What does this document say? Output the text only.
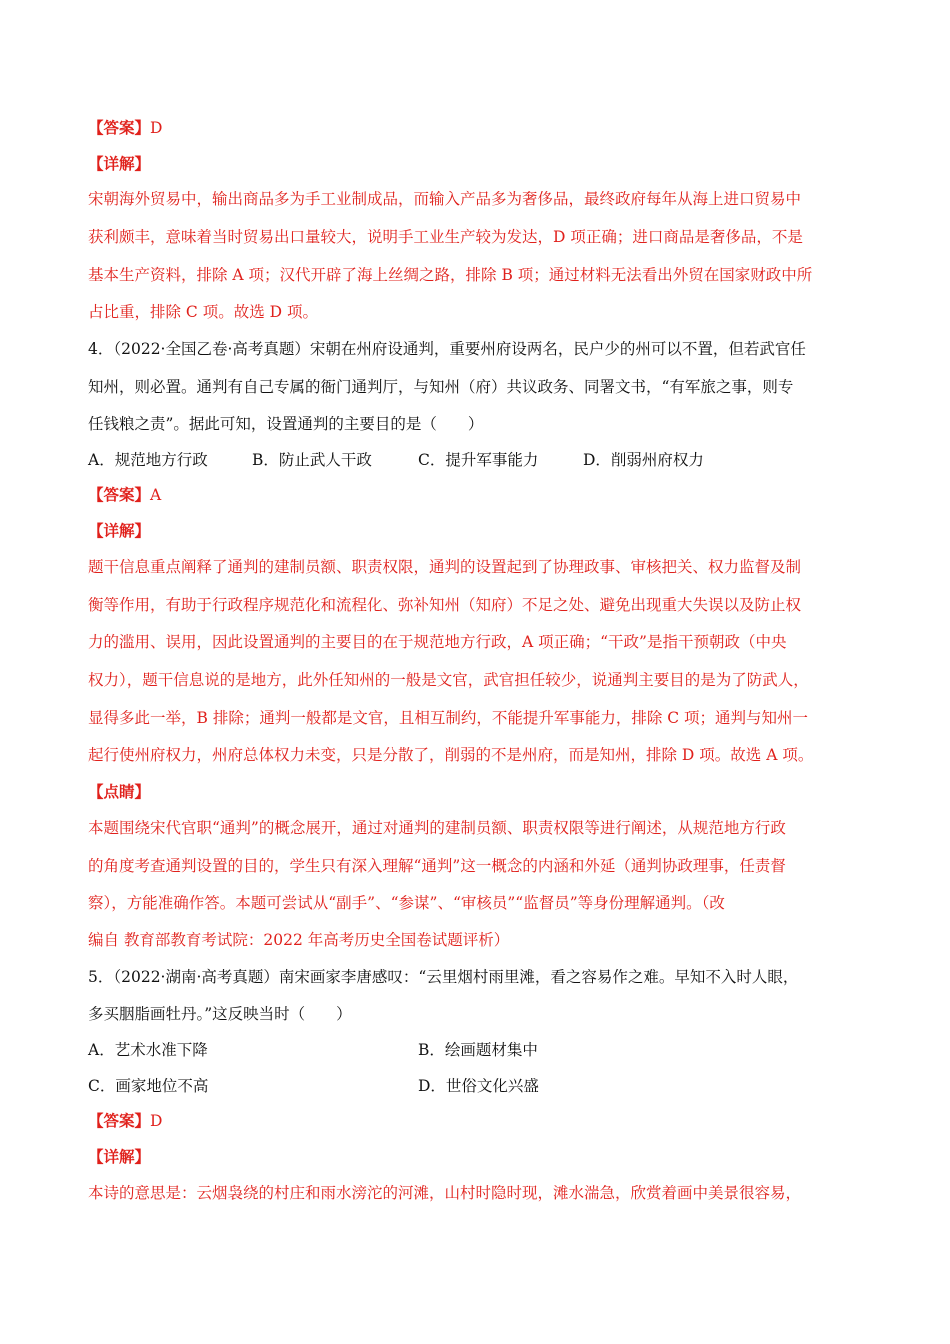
【答案】D
【详解】
宋朝海外贸易中，输出商品多为手工业制成品，而输入产品多为奢侈品，最终政府每年从海上进口贸易中
获利颇丰，意味着当时贸易出口量较大，说明手工业生产较为发达，D 项正确；进口商品是奢侈品，不是
基本生产资料，排除 A 项；汉代开辟了海上丝绸之路，排除 B 项；通过材料无法看出外贸在国家财政中所
占比重，排除 C 项。故选 D 项。
4．（2022·全国乙卷·高考真题）宋朝在州府设通判，重要州府设两名，民户少的州可以不置，但若武官任
知州，则必置。通判有自己专属的衙门通判厅，与知州（府）共议政务、同署文书，“有军旅之事，则专
任钱粮之责”。据此可知，设置通判的主要目的是（　　）
A．规范地方行政	B．防止武人干政	C．提升军事能力	D．削弱州府权力
【答案】A
【详解】
题干信息重点阐释了通判的建制员额、职责权限，通判的设置起到了协理政事、审核把关、权力监督及制
衡等作用，有助于行政程序规范化和流程化、弥补知州（知府）不足之处、避免出现重大失误以及防止权
力的滥用、误用，因此设置通判的主要目的在于规范地方行政，A 项正确；“干政”是指干预朝政（中央
权力），题干信息说的是地方，此外任知州的一般是文官，武官担任较少，说通判主要目的是为了防武人，
显得多此一举，B 排除；通判一般都是文官，且相互制约，不能提升军事能力，排除 C 项；通判与知州一
起行使州府权力，州府总体权力未变，只是分散了，削弱的不是州府，而是知州，排除 D 项。故选 A 项。
【点睛】
本题围绕宋代官职“通判”的概念展开，通过对通判的建制员额、职责权限等进行阐述，从规范地方行政
的角度考查通判设置的目的，学生只有深入理解“通判”这一概念的内涵和外延（通判协政理事，任责督
察），方能准确作答。本题可尝试从“副手”、“参谋”、“审核员”“监督员”等身份理解通判。（改
编自 教育部教育考试院：2022 年高考历史全国卷试题评析）
5．（2022·湖南·高考真题）南宋画家李唐感叹：“云里烟村雨里滩，看之容易作之难。早知不入时人眼，
多买胭脂画牡丹。”这反映当时（　　）
A．艺术水准下降	B．绘画题材集中
C．画家地位不高	D．世俗文化兴盛
【答案】D
【详解】
本诗的意思是：云烟袅绕的村庄和雨水滂沱的河滩，山村时隐时现，滩水湍急，欣赏着画中美景很容易，
